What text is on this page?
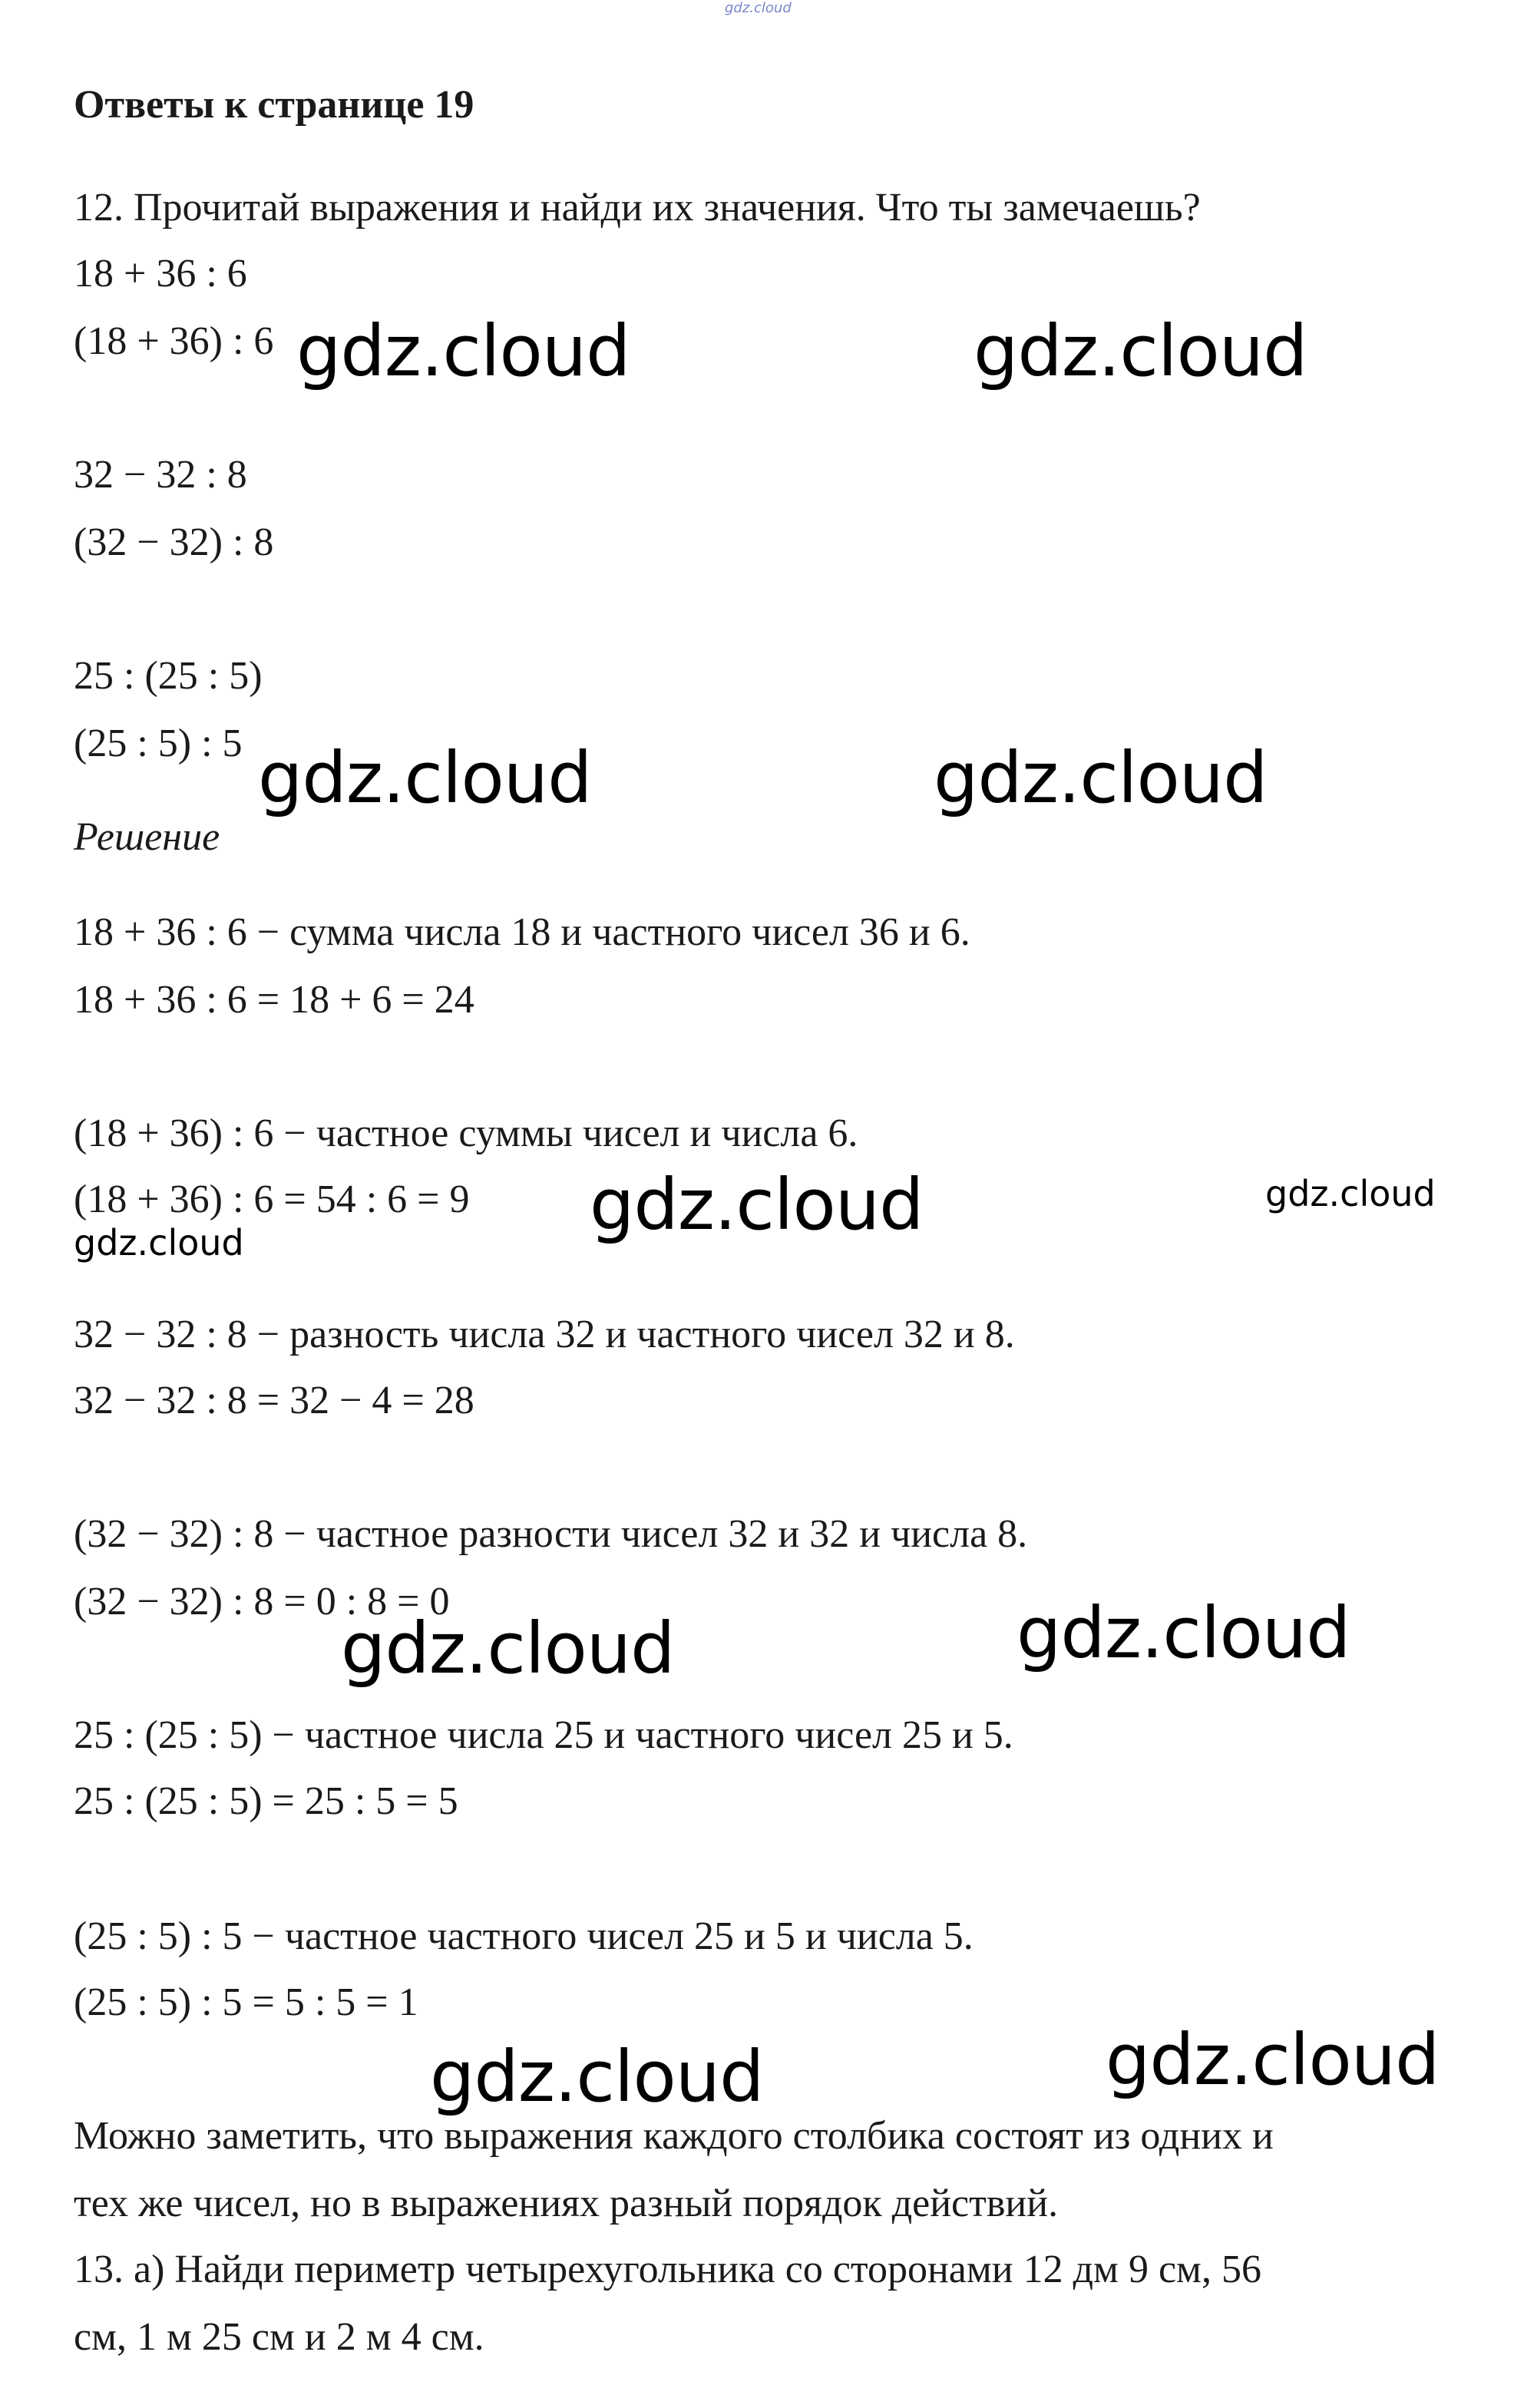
gdz.cloud
Ответы к странице 19
12. Прочитай выражения и найди их значения. Что ты замечаешь?
18 + 36 : 6
(18 + 36) : 6
32 − 32 : 8
(32 − 32) : 8
25 : (25 : 5)
(25 : 5) : 5
Решение
18 + 36 : 6 − сумма числа 18 и частного чисел 36 и 6.
18 + 36 : 6 = 18 + 6 = 24
(18 + 36) : 6 − частное суммы чисел и числа 6.
(18 + 36) : 6 = 54 : 6 = 9
32 − 32 : 8 − разность числа 32 и частного чисел 32 и 8.
32 − 32 : 8 = 32 − 4 = 28
(32 − 32) : 8 − частное разности чисел 32 и 32 и числа 8.
(32 − 32) : 8 = 0 : 8 = 0
25 : (25 : 5) − частное числа 25 и частного чисел 25 и 5.
25 : (25 : 5) = 25 : 5 = 5
(25 : 5) : 5 − частное частного чисел 25 и 5 и числа 5.
(25 : 5) : 5 = 5 : 5 = 1
Можно заметить, что выражения каждого столбика состоят из одних и
тех же чисел, но в выражениях разный порядок действий.
13. а) Найди периметр четырехугольника со сторонами 12 дм 9 см, 56
см, 1 м 25 см и 2 м 4 см.
gdz.cloud	gdz.cloud
gdz.cloud	gdz.cloud
gdz.cloud
gdz.cloud	gdz.cloud
gdz.cloud	gdz.cloud
gdz.cloud
gdz.cloud
